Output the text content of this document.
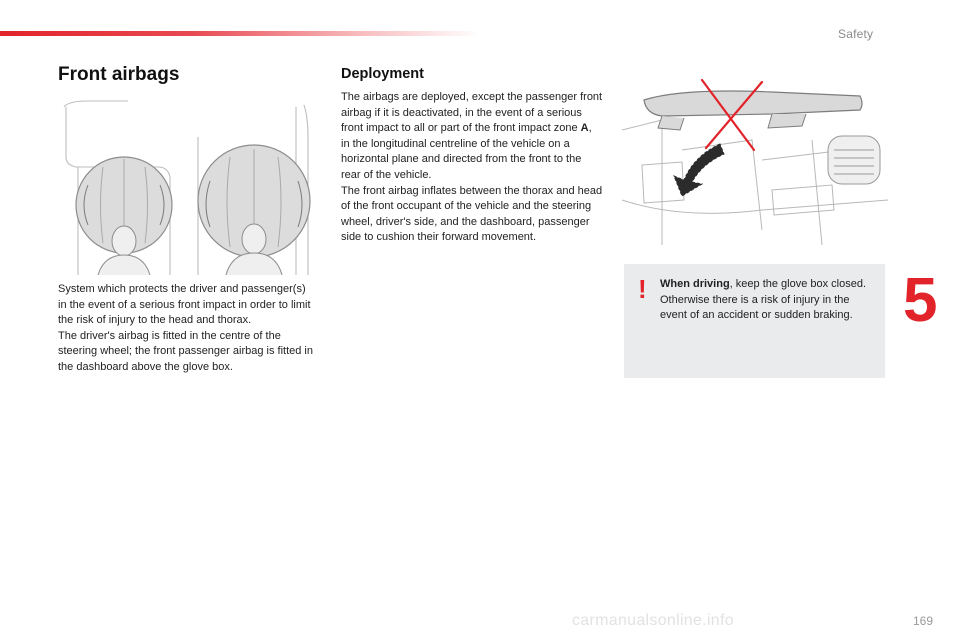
Safety
5
Front airbags

System which protects the driver and passenger(s) in the event of a serious front impact in order to limit the risk of injury to the head and thorax.

The driver's airbag is fitted in the centre of the steering wheel; the front passenger airbag is fitted in the dashboard above the glove box.

Deployment

The airbags are deployed, except the passenger front airbag if it is deactivated, in the event of a serious front impact to all or part of the front impact zone A, in the longitudinal centreline of the vehicle on a horizontal plane and directed from the front to the rear of the vehicle.

The front airbag inflates between the thorax and head of the front occupant of the vehicle and the steering wheel, driver's side, and the dashboard, passenger side to cushion their forward movement.

! When driving, keep the glove box closed. Otherwise there is a risk of injury in the event of an accident or sudden braking.

carmanualsonline.info	169
